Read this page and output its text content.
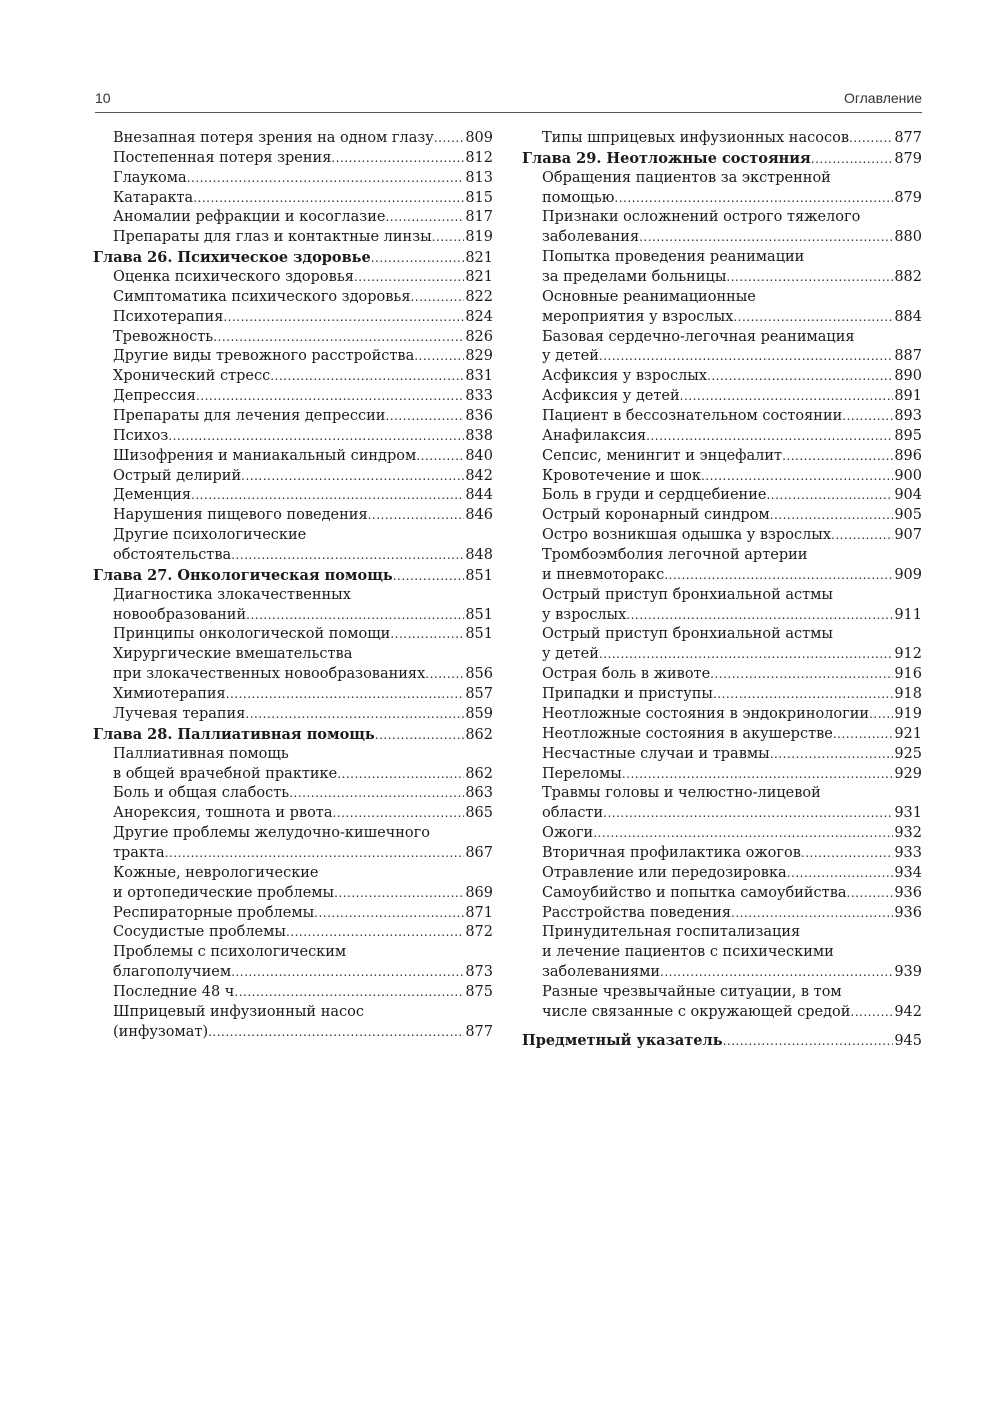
10	Оглавление
Внезапная потеря зрения на одном глазу ..... 809
Постепенная потеря зрения .....	812
Глаукома .....	813
Катаракта .....	815
Аномалии рефракции и косоглазие .....	817
Препараты для глаз и контактные линзы ..... 819
Глава 26. Психическое здоровье .....	821
Оценка психического здоровья .....	821
Симптоматика психического здоровья .....	822
Психотерапия .....	824
Тревожность .....	826
Другие виды тревожного расстройства .....	829
Хронический стресс .....	831
Депрессия .....	833
Препараты для лечения депрессии .....	836
Психоз .....	838
Шизофрения и маниакальный синдром .....	840
Острый делирий .....	842
Деменция .....	844
Нарушения пищевого поведения .....	846
Другие психологические
обстоятельства .....	848
Глава 27. Онкологическая помощь .....	851
Диагностика злокачественных
новообразований .....	851
Принципы онкологической помощи .....	851
Хирургические вмешательства
при злокачественных новообразованиях .....	856
Химиотерапия .....	857
Лучевая терапия .....	859
Глава 28. Паллиативная помощь .....	862
Паллиативная помощь
в общей врачебной практике .....	862
Боль и общая слабость .....	863
Анорексия, тошнота и рвота .....	865
Другие проблемы желудочно-кишечного
тракта .....	867
Кожные, неврологические
и ортопедические проблемы .....	869
Респираторные проблемы .....	871
Сосудистые проблемы .....	872
Проблемы с психологическим
благополучием .....	873
Последние 48 ч .....	875
Шприцевый инфузионный насос
(инфузомат) .....	877
Типы шприцевых инфузионных насосов .....	877
Глава 29. Неотложные состояния .....	879
Обращения пациентов за экстренной
помощью .....	879
Признаки осложнений острого тяжелого
заболевания .....	880
Попытка проведения реанимации
за пределами больницы .....	882
Основные реанимационные
мероприятия у взрослых .....	884
Базовая сердечно-легочная реанимация
у детей .....	887
Асфиксия у взрослых .....	890
Асфиксия у детей .....	891
Пациент в бессознательном состоянии .....	893
Анафилаксия .....	895
Сепсис, менингит и энцефалит .....	896
Кровотечение и шок .....	900
Боль в груди и сердцебиение .....	904
Острый коронарный синдром .....	905
Остро возникшая одышка у взрослых .....	907
Тромбоэмболия легочной артерии
и пневмоторакс .....	909
Острый приступ бронхиальной астмы
у взрослых .....	911
Острый приступ бронхиальной астмы
у детей .....	912
Острая боль в животе .....	916
Припадки и приступы .....	918
Неотложные состояния в эндокринологии ..... 919
Неотложные состояния в акушерстве .....	921
Несчастные случаи и травмы .....	925
Переломы .....	929
Травмы головы и челюстно-лицевой
области .....	931
Ожоги .....	932
Вторичная профилактика ожогов .....	933
Отравление или передозировка .....	934
Самоубийство и попытка самоубийства .....	936
Расстройства поведения .....	936
Принудительная госпитализация
и лечение пациентов с психическими
заболеваниями .....	939
Разные чрезвычайные ситуации, в том
числе связанные с окружающей средой .....	942
Предметный указатель .....	945
